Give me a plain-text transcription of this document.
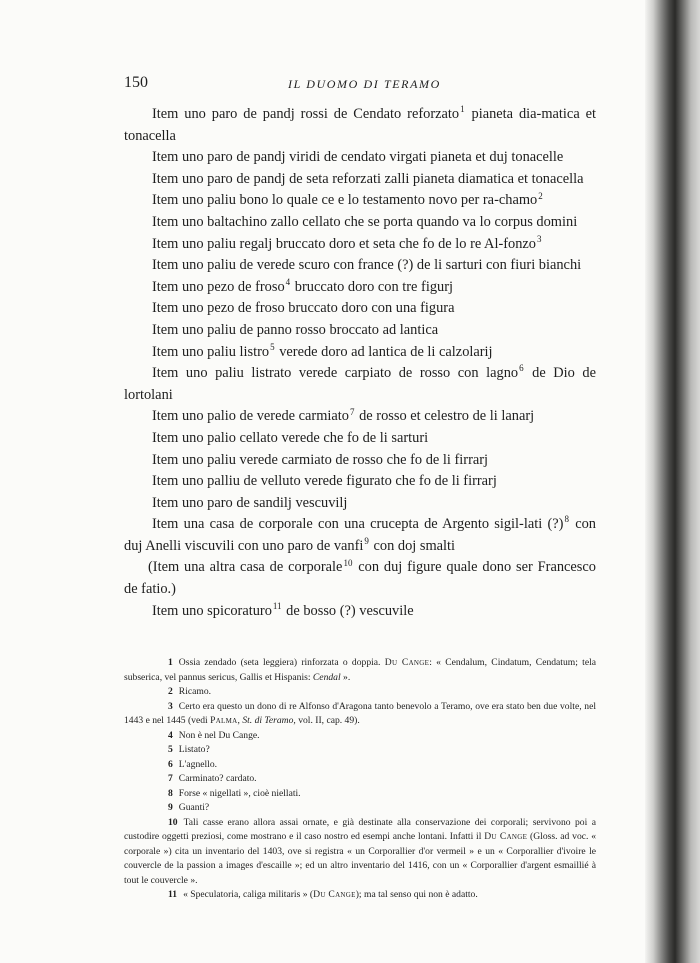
150	IL DUOMO DI TERAMO

Item uno paro de pandj rossi de Cendato reforzato$^1$ pianeta dia-matica et tonacella

Item uno paro de pandj viridi de cendato virgati pianeta et duj tonacelle

Item uno paro de pandj de seta reforzati zalli pianeta diamatica et tonacella

Item uno paliu bono lo quale ce e lo testamento novo per ra-chamo$^2$

Item uno baltachino zallo cellato che se porta quando va lo corpus domini

Item uno paliu regalj bruccato doro et seta che fo de lo re Al-fonzo$^3$

Item uno paliu de verede scuro con france (?) de li sarturi con fiuri bianchi

Item uno pezo de froso$^4$ bruccato doro con tre figurj

Item uno pezo de froso bruccato doro con una figura

Item uno paliu de panno rosso broccato ad lantica

Item uno paliu listro$^5$ verede doro ad lantica de li calzolarij

Item uno paliu listrato verede carpiato de rosso con lagno$^6$ de Dio de lortolani

Item uno palio de verede carmiato$^7$ de rosso et celestro de li lanarj

Item uno palio cellato verede che fo de li sarturi

Item uno paliu verede carmiato de rosso che fo de li firrarj

Item uno palliu de velluto verede figurato che fo de li firrarj

Item uno paro de sandilj vescuvilj

Item una casa de corporale con una crucepta de Argento sigil-lati (?)$^8$ con duj Anelli viscuvili con uno paro de vanfi$^9$ con doj smalti

(Item una altra casa de corporale$^{10}$ con duj figure quale dono ser Francesco de fatio.)

Item uno spicoraturo$^{11}$ de bosso (?) vescuvile

1 Ossia zendado (seta leggiera) rinforzata o doppia. Du Cange: « Cendalum, Cindatum, Cendatum; tela subserica, vel pannus sericus, Gallis et Hispanis: Cendal ».

2 Ricamo.

3 Certo era questo un dono di re Alfonso d'Aragona tanto benevolo a Teramo, ove era stato ben due volte, nel 1443 e nel 1445 (vedi Palma, St. di Teramo, vol. II, cap. 49).

4 Non è nel Du Cange.

5 Listato?

6 L'agnello.

7 Carminato? cardato.

8 Forse « nigellati », cioè niellati.

9 Guanti?

10 Tali casse erano allora assai ornate, e già destinate alla conservazione dei corporali; servivono poi a custodire oggetti preziosi, come mostrano e il caso nostro ed esempi anche lontani. Infatti il Du Cange (Gloss. ad voc. « corporale ») cita un inventario del 1403, ove si registra « un Corporallier d'or vermeil » e un « Corporallier d'ivoire le couvercle de la passion a images d'escaille »; ed un altro inventario del 1416, con un « Corporallier d'argent esmaillié à tout le couvercle ».

11 « Speculatoria, caliga militaris » (Du Cange); ma tal senso qui non è adatto.
